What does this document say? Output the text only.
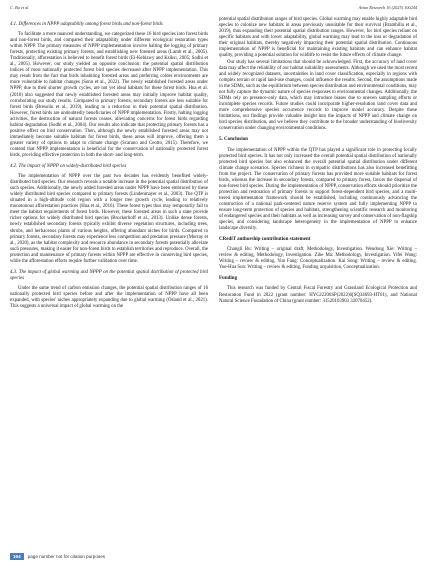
C. Bu et al.	Avian Research 16 (2025) 100244
4.1. Differences in NPPP adaptability among forest birds and non-forest birds

To facilitate a more nuanced understanding, we categorized these 16 bird species into forest birds and non-forest birds, and compared their adaptability under different ecological restoration types within NPPP. The primary measures of NPPP implementation involve halting the logging of primary forests, protecting existing primary forests, and establishing new forested areas (Lamb et al., 2005). Traditionally, afforestation is believed to benefit forest birds (El-Keblawy and Ksiksi, 2005; Sodhi et al., 2005). However, our study yielded an opposite conclusion: the potential spatial distribution indices of most nationally protected forest bird species decreased after NPPP implementation. This may result from the fact that birds inhabiting forested areas and preferring colder environments are more vulnerable to habitat changes (Sonn et al., 2022). The newly established forested areas under NPPP, due to their shorter growth cycles, are not yet ideal habitats for these forest birds. Hua et al. (2018) also suggested that newly established forested areas may initially improve habitat quality, corroborating our study results. Compared to primary forests, secondary forests are less suitable for forest birds (Bresolin et al., 2019), leading to a reduction in their potential spatial distribution. However, forest birds are undoubtedly beneficiaries of NPPP implementation. Firstly, halting logging activities, the destruction of natural forests ceases, alleviating concerns for forest birds regarding habitat degradation (Sodhi et al., 2004). Our results also indicate that protecting primary forests has a positive effect on bird conservation. Then, although the newly established forested areas may not immediately become suitable habitats for forest birds, these areas will improve, offering them a greater variety of options to adapt to climate change (Scarano and Ceotto, 2015). Therefore, we contend that NPPP implementation is beneficial for the conservation of nationally protected forest birds, providing effective protection in both the short- and long-term.

4.2. The impact of NPPP on widely-distributed bird species

The implementation of NPPP over the past two decades has evidently benefited widely-distributed bird species. Our research reveals a notable increase in the potential spatial distribution of such species. Additionally, the newly added forested areas under NPPP have been embraced by these widely distributed bird species compared to primary forests (Lindenmayer et al., 2003). The QTP is situated in a high-altitude cold region with a longer tree growth cycle, leading to relatively monotonous afforestation practices (Hua et al., 2016). These forest types thus may temporarily fail to meet the habitat requirements of forest birds. However, these forested areas in such a state provide richer options for widely distributed bird species (Brockerhoff et al., 2013). Unlike dense forests, newly established secondary forests typically exhibit diverse vegetation structures, including trees, shrubs, and herbaceous plants of various heights, offering abundant niches for birds. Compared to primary forests, secondary forests may experience less competition and predation pressure (Murray et al., 2020), as the habitat complexity and resource abundance in secondary forests potentially alleviate such pressures, making it easier for non-forest birds to establish territories and reproduce. Overall, the protection and maintenance of primary forests within NPPP are effective in conserving bird species, while the afforestation efforts require further validation over time.

4.3. The impact of global warming and NPPP on the potential spatial distribution of protected bird species

Under the same trend of carbon emission changes, the potential spatial distribution ranges of 16 nationally protected bird species before and after the implementation of NPPP have all been expanded, with species' niches appropriately expanding due to global warming (Osland et al., 2021). This suggests a universal impact of global warming on the

potential spatial distribution ranges of bird species. Global warming may enable highly adaptable bird species to colonize new habitats in areas previously unsuitable for their survival (Brambilla et al., 2019), thus expanding their potential spatial distribution ranges. However, for bird species reliant on specific habitats and with lower adaptability, global warming may lead to the loss or degradation of their original habitats, thereby negatively impacting their potential spatial distribution. Continuous implementation of NPPP is beneficial for maintaining existing habitats and can enhance habitat quality, providing a potential solution for wildlife to resist the future effects of climate change.

Our study has several limitations that should be acknowledged. First, the accuracy of land cover data may affect the reliability of our habitat suitability assessments. Although we used the most recent and widely recognized datasets, uncertainties in land cover classification, especially in regions with complex terrain or rapid land-use changes, could influence the results. Second, the assumptions made in the SDMs, such as the equilibrium between species distribution and environmental conditions, may not fully capture the dynamic nature of species responses to environmental changes. Additionally, the SDMs rely on presence-only data, which may introduce biases due to uneven sampling efforts or incomplete species records. Future studies could incorporate higher-resolution land cover data and more comprehensive species occurrence records to improve model accuracy. Despite these limitations, our findings provide valuable insight into the impacts of NPPP and climate change on bird species distribution, and we believe they contribute to the broader understanding of biodiversity conservation under changing environmental conditions.

5. Conclusion

The implementation of NPPP within the QTP has played a significant role in protecting locally protected bird species. It has not only increased the overall potential spatial distribution of nationally protected bird species but also enhanced the overall potential spatial distribution under different climate change scenarios. Species richness in sympatric distributions has also increased benefitting from the project. The conservation of primary forests has provided more suitable habitats for forest birds, whereas the increase in secondary forests, compared to primary forest, favors the dispersal of non-forest bird species. During the implementation of NPPP, conservation efforts should prioritize the protection and restoration of primary forests to support forest-dependent bird species, and a multi-tiered implementation framework should be established, including continuously advancing the construction of a national park-centered nature reserve system and fully implementing NPPP to ensure long-term protection of species and habitats, strengthening scientific research and monitoring of endangered species and their habitats as well as increasing survey and conservation of non-flagship species, and considering landscape heterogeneity in the implementation of NPPP to enhance landscape diversity.

CRediT authorship contribution statement

Changli Bu: Writing – original draft, Methodology, Investigation. Wendong Xie: Writing – review & editing, Methodology, Investigation. Zihe Ma: Methodology, Investigation. Yifei Wang: Writing – review & editing. Yun Fang: Conceptualization. Kai Song: Writing – review & editing. Yue-Hua Sun: Writing – review & editing, Funding acquisition, Conceptualization.

Funding

This research was funded by Central Fiscal Forestry and Grassland Ecological Protection and Restoration Fund in 2022 (grant number: HYGJ2206SP(2022)6[SQ34693-HT01), and National Natural Science Foundation of China (grant number: 31520103903 32070452).

164	page number not for citation purposes
